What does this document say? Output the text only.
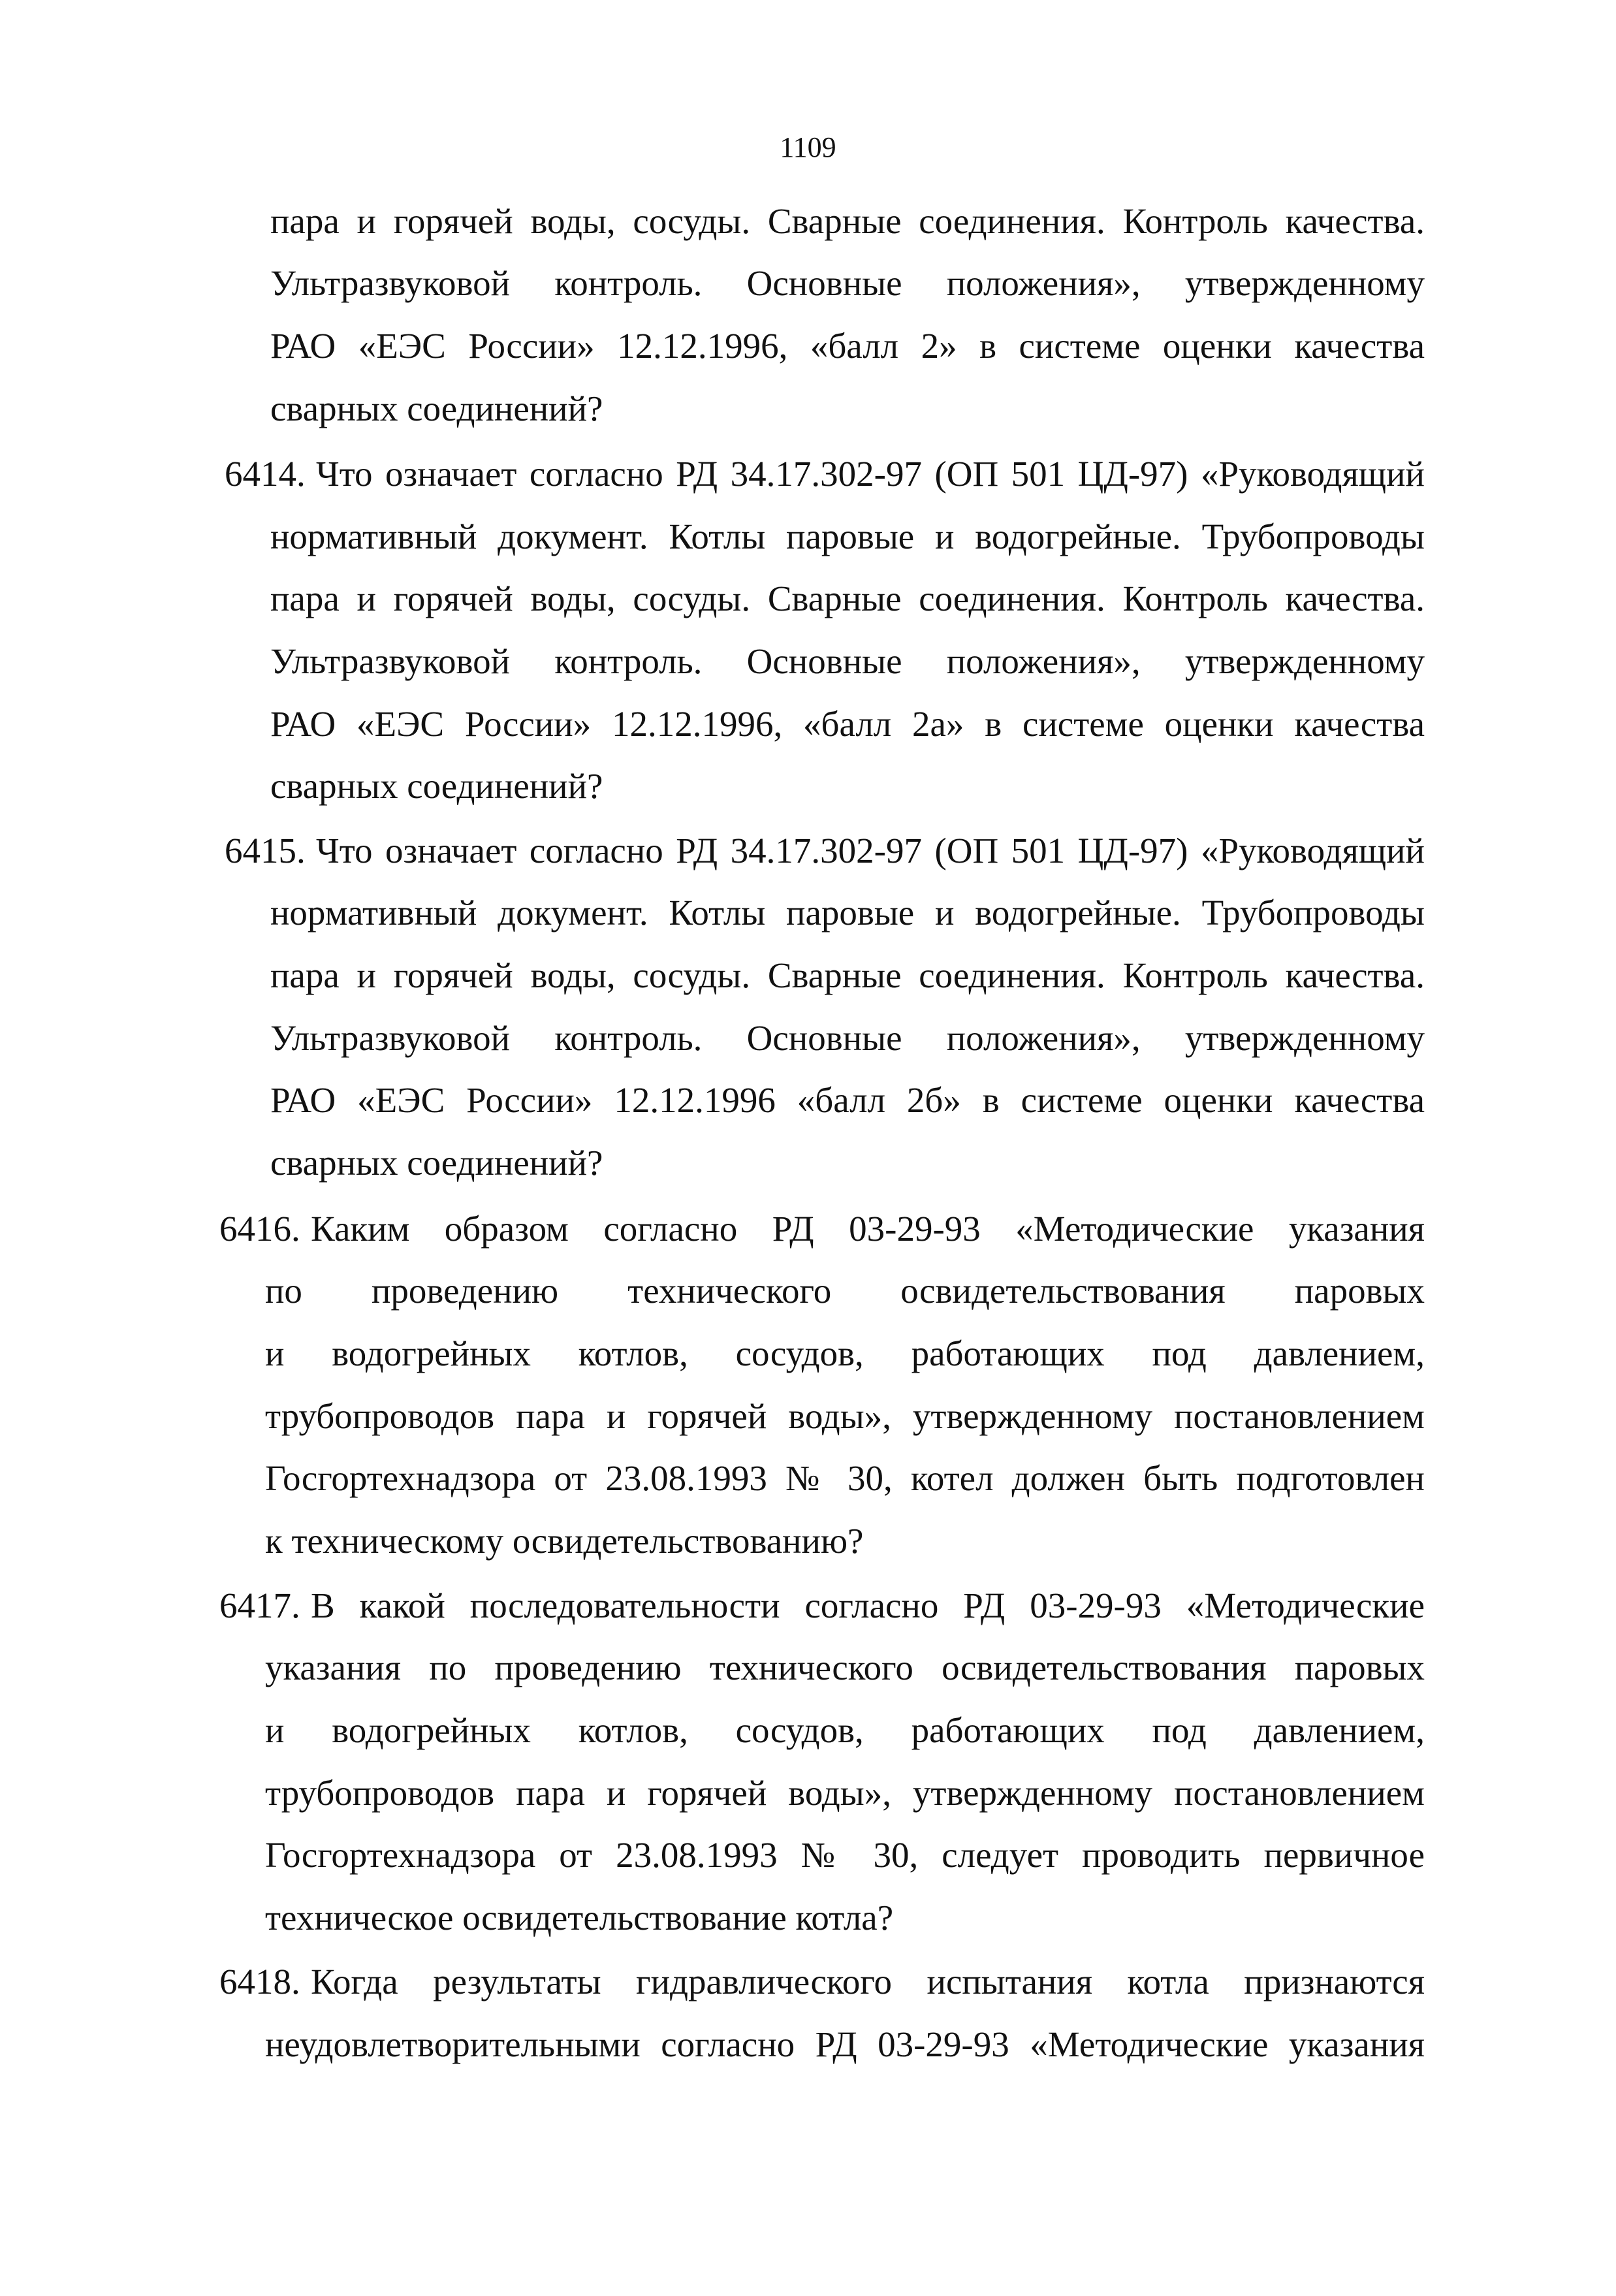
1109
пара и горячей воды, сосуды. Сварные соединения. Контроль качества.
Ультразвуковой контроль. Основные положения», утвержденному
РАО «ЕЭС России» 12.12.1996, «балл 2» в системе оценки качества
сварных соединений?
6414. Что означает согласно РД 34.17.302-97 (ОП 501 ЦД-97) «Руководящий
нормативный документ. Котлы паровые и водогрейные. Трубопроводы
пара и горячей воды, сосуды. Сварные соединения. Контроль качества.
Ультразвуковой контроль. Основные положения», утвержденному
РАО «ЕЭС России» 12.12.1996, «балл 2а» в системе оценки качества
сварных соединений?
6415. Что означает согласно РД 34.17.302-97 (ОП 501 ЦД-97) «Руководящий
нормативный документ. Котлы паровые и водогрейные. Трубопроводы
пара и горячей воды, сосуды. Сварные соединения. Контроль качества.
Ультразвуковой контроль. Основные положения», утвержденному
РАО «ЕЭС России» 12.12.1996 «балл 2б» в системе оценки качества
сварных соединений?
6416. Каким образом согласно РД 03-29-93 «Методические указания
по проведению технического освидетельствования паровых
и водогрейных котлов, сосудов, работающих под давлением,
трубопроводов пара и горячей воды», утвержденному постановлением
Госгортехнадзора от 23.08.1993 № 30, котел должен быть подготовлен
к техническому освидетельствованию?
6417. В какой последовательности согласно РД 03-29-93 «Методические
указания по проведению технического освидетельствования паровых
и водогрейных котлов, сосудов, работающих под давлением,
трубопроводов пара и горячей воды», утвержденному постановлением
Госгортехнадзора от 23.08.1993 № 30, следует проводить первичное
техническое освидетельствование котла?
6418. Когда результаты гидравлического испытания котла признаются
неудовлетворительными согласно РД 03-29-93 «Методические указания
